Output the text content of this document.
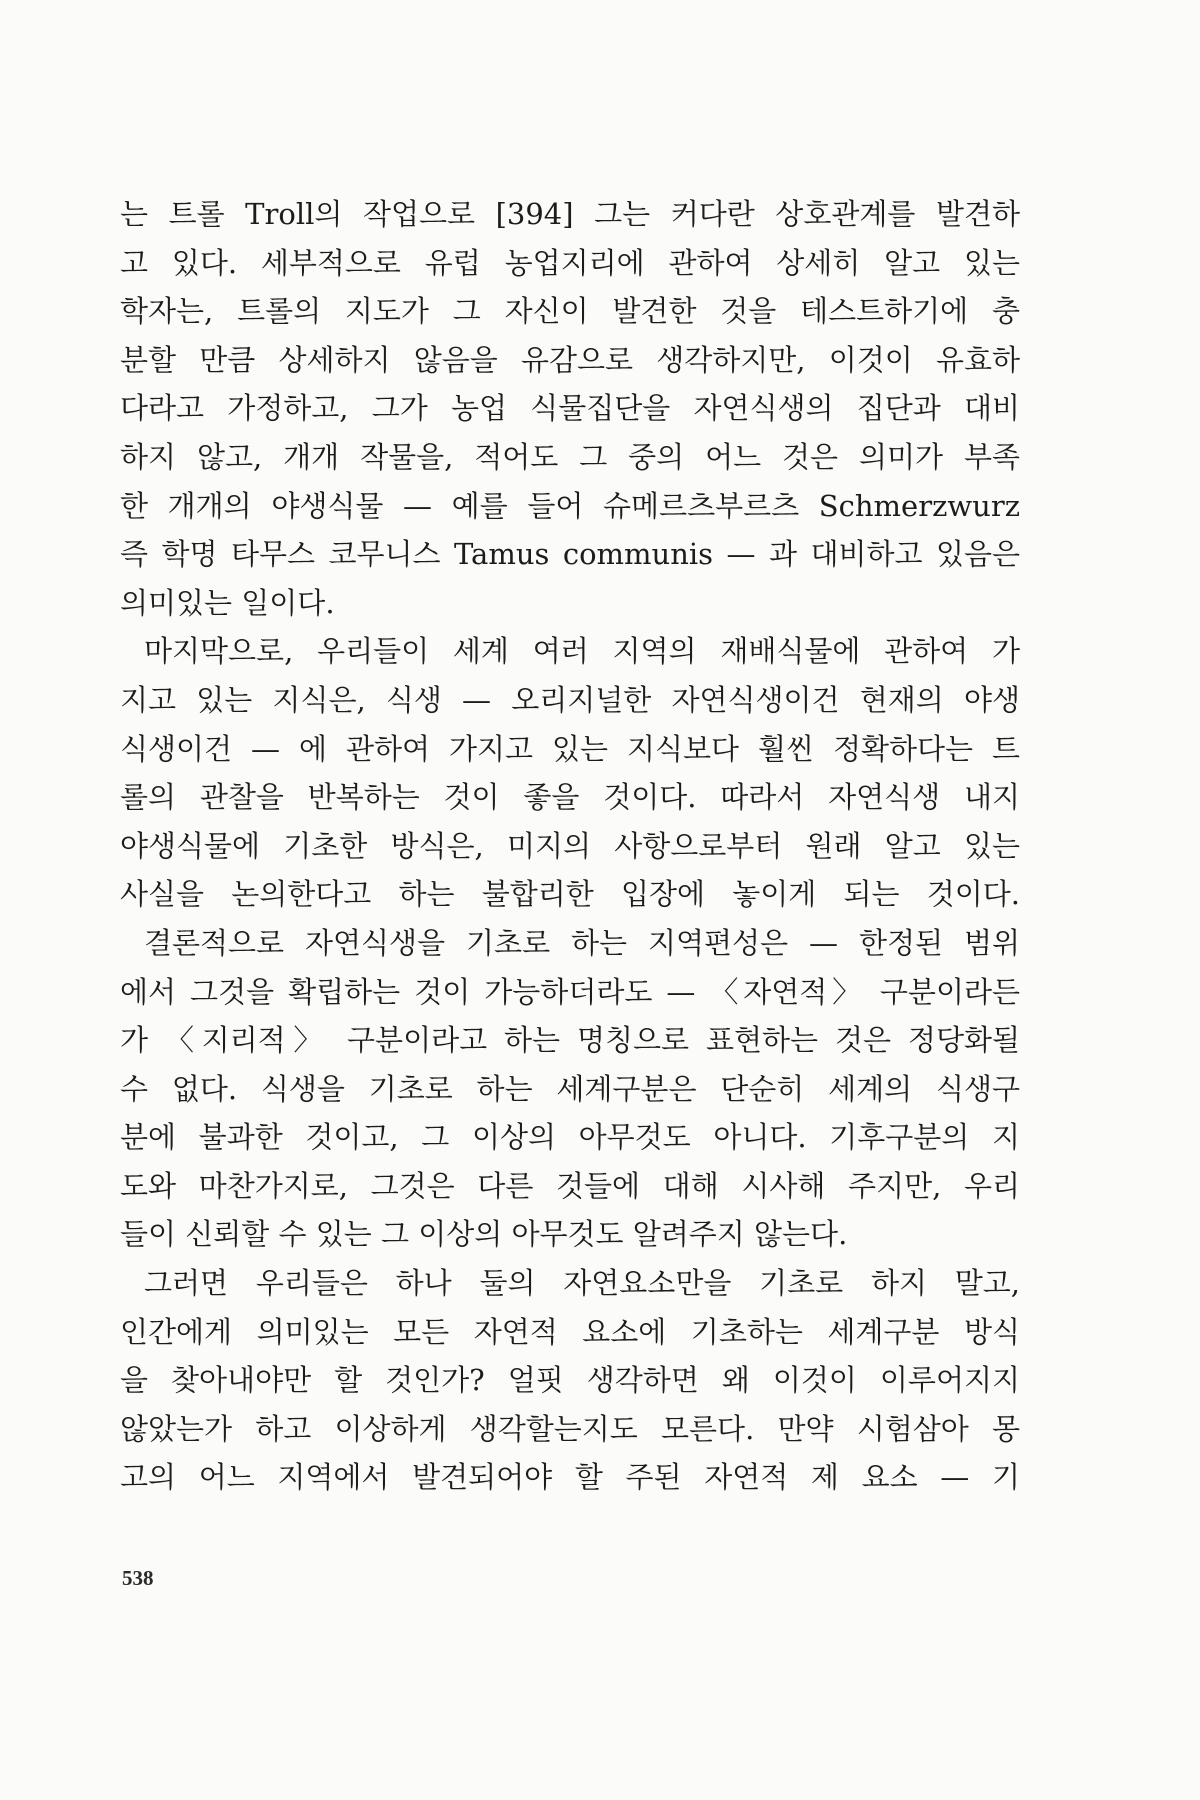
는 트롤 Troll의 작업으로 [394] 그는 커다란 상호관계를 발견하
고 있다. 세부적으로 유럽 농업지리에 관하여 상세히 알고 있는
학자는, 트롤의 지도가 그 자신이 발견한 것을 테스트하기에 충
분할 만큼 상세하지 않음을 유감으로 생각하지만, 이것이 유효하
다라고 가정하고, 그가 농업 식물집단을 자연식생의 집단과 대비
하지 않고, 개개 작물을, 적어도 그 중의 어느 것은 의미가 부족
한 개개의 야생식물 — 예를 들어 슈메르츠부르츠 Schmerzwurz
즉 학명 타무스 코무니스 Tamus communis — 과 대비하고 있음은
의미있는 일이다.
마지막으로, 우리들이 세계 여러 지역의 재배식물에 관하여 가
지고 있는 지식은, 식생 — 오리지널한 자연식생이건 현재의 야생
식생이건 — 에 관하여 가지고 있는 지식보다 훨씬 정확하다는 트
롤의 관찰을 반복하는 것이 좋을 것이다. 따라서 자연식생 내지
야생식물에 기초한 방식은, 미지의 사항으로부터 원래 알고 있는
사실을 논의한다고 하는 불합리한 입장에 놓이게 되는 것이다.
결론적으로 자연식생을 기초로 하는 지역편성은 — 한정된 범위
에서 그것을 확립하는 것이 가능하더라도 — 〈자연적〉 구분이라든
가 〈지리적〉 구분이라고 하는 명칭으로 표현하는 것은 정당화될
수 없다. 식생을 기초로 하는 세계구분은 단순히 세계의 식생구
분에 불과한 것이고, 그 이상의 아무것도 아니다. 기후구분의 지
도와 마찬가지로, 그것은 다른 것들에 대해 시사해 주지만, 우리
들이 신뢰할 수 있는 그 이상의 아무것도 알려주지 않는다.
그러면 우리들은 하나 둘의 자연요소만을 기초로 하지 말고,
인간에게 의미있는 모든 자연적 요소에 기초하는 세계구분 방식
을 찾아내야만 할 것인가? 얼핏 생각하면 왜 이것이 이루어지지
않았는가 하고 이상하게 생각할는지도 모른다. 만약 시험삼아 몽
고의 어느 지역에서 발견되어야 할 주된 자연적 제 요소 — 기
538
